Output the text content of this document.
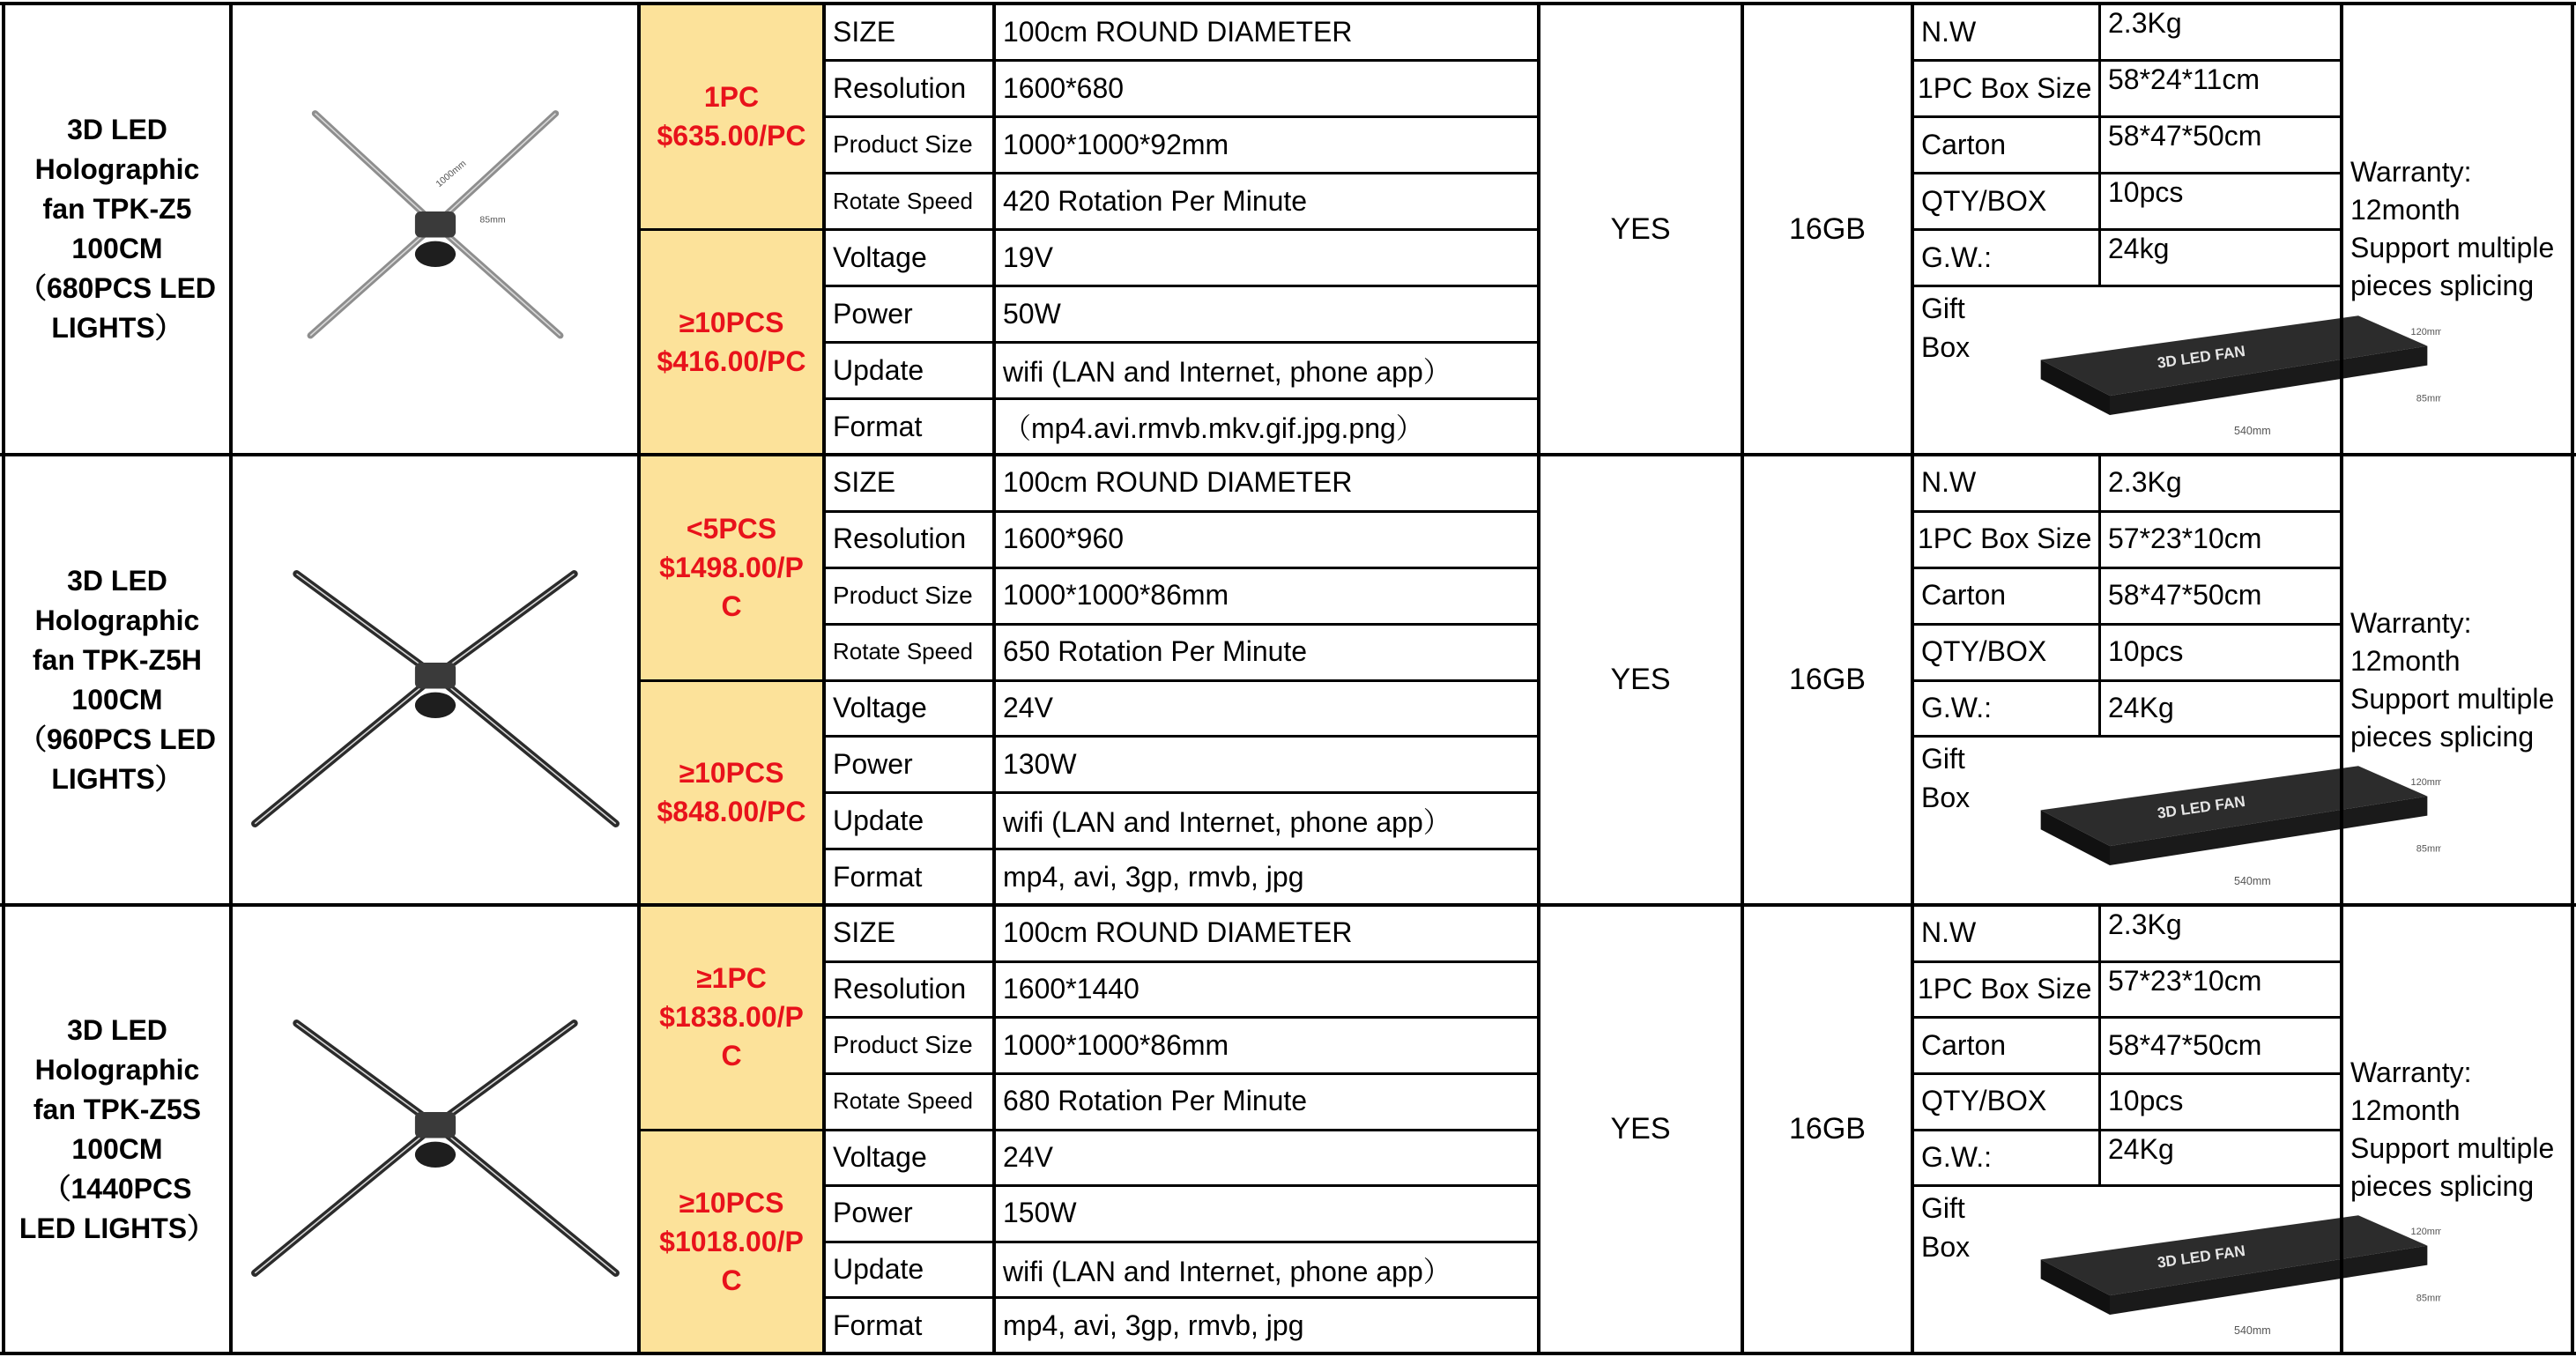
3D LED
Holographic
fan TPK-Z5
100CM
（680PCS LED
LIGHTS）
1000mm
85mm
1PC
$635.00/PC
≥10PCS
$416.00/PC
SIZE	100cm ROUND DIAMETER
Resolution	1600*680
Product Size	1000*1000*92mm
Rotate Speed	420 Rotation Per Minute
Voltage	19V
Power	50W
Update	wifi (LAN and Internet, phone app）
Format	（mp4.avi.rmvb.mkv.gif.jpg.png）
YES	16GB
N.W	2.3Kg
1PC Box Size 58*24*11cm
Carton	58*47*50cm
QTY/BOX	10pcs
G.W.:	24kg
Gift
Box	3D LED FAN
540mm
120mm
85mm
Warranty:
12month
Support multiple
pieces splicing
3D LED
Holographic
fan TPK-Z5H
100CM
（960PCS LED
LIGHTS）
<5PCS
$1498.00/P
C
≥10PCS
$848.00/PC
SIZE	100cm ROUND DIAMETER
Resolution	1600*960
Product Size	1000*1000*86mm
Rotate Speed	650 Rotation Per Minute
Voltage	24V
Power	130W
Update	wifi (LAN and Internet, phone app）
Format	mp4, avi, 3gp, rmvb, jpg
YES	16GB
N.W	2.3Kg
1PC Box Size 57*23*10cm
Carton	58*47*50cm
QTY/BOX	10pcs
G.W.:	24Kg
Gift
Box	3D LED FAN
540mm
120mm
85mm
Warranty:
12month
Support multiple
pieces splicing
3D LED
Holographic
fan TPK-Z5S
100CM
（1440PCS
LED LIGHTS）
≥1PC
$1838.00/P
C
≥10PCS
$1018.00/P
C
SIZE	100cm ROUND DIAMETER
Resolution	1600*1440
Product Size	1000*1000*86mm
Rotate Speed	680 Rotation Per Minute
Voltage	24V
Power	150W
Update	wifi (LAN and Internet, phone app）
Format	mp4, avi, 3gp, rmvb, jpg
YES	16GB
N.W	2.3Kg
1PC Box Size 57*23*10cm
Carton	58*47*50cm
QTY/BOX	10pcs
G.W.:	24Kg
Gift
Box	3D LED FAN
540mm
120mm
85mm
Warranty:
12month
Support multiple
pieces splicing
